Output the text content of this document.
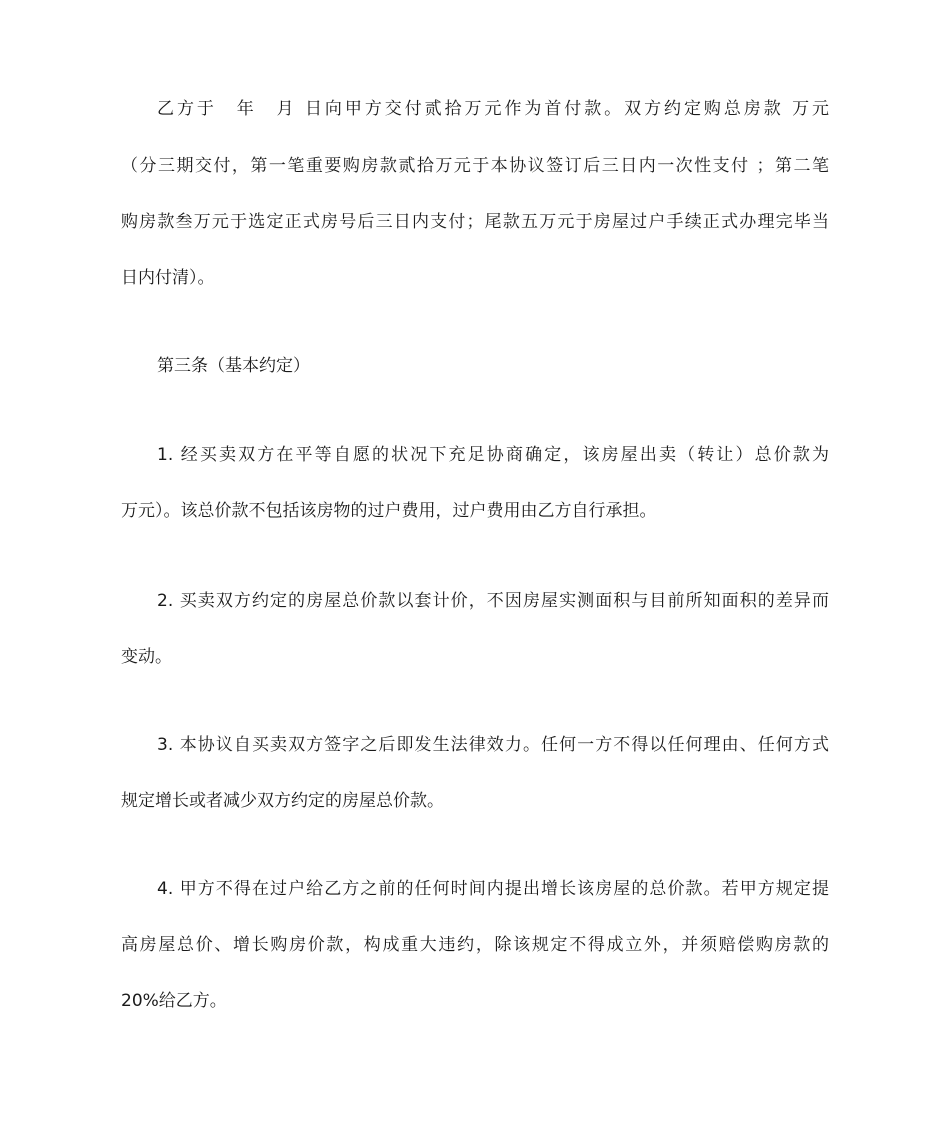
乙方于　年　月 日向甲方交付贰拾万元作为首付款。双方约定购总房款 万元
（分三期交付，第一笔重要购房款贰拾万元于本协议签订后三日内一次性支付 ；第二笔
购房款叁万元于选定正式房号后三日内支付；尾款五万元于房屋过户手续正式办理完毕当
日内付清）。
第三条（基本约定）
1. 经买卖双方在平等自愿的状况下充足协商确定，该房屋出卖（转让）总价款为
万元）。该总价款不包括该房物的过户费用，过户费用由乙方自行承担。
2. 买卖双方约定的房屋总价款以套计价，不因房屋实测面积与目前所知面积的差异而
变动。
3. 本协议自买卖双方签字之后即发生法律效力。任何一方不得以任何理由、任何方式
规定增长或者减少双方约定的房屋总价款。
4. 甲方不得在过户给乙方之前的任何时间内提出增长该房屋的总价款。若甲方规定提
高房屋总价、增长购房价款，构成重大违约，除该规定不得成立外，并须赔偿购房款的
20%给乙方。
